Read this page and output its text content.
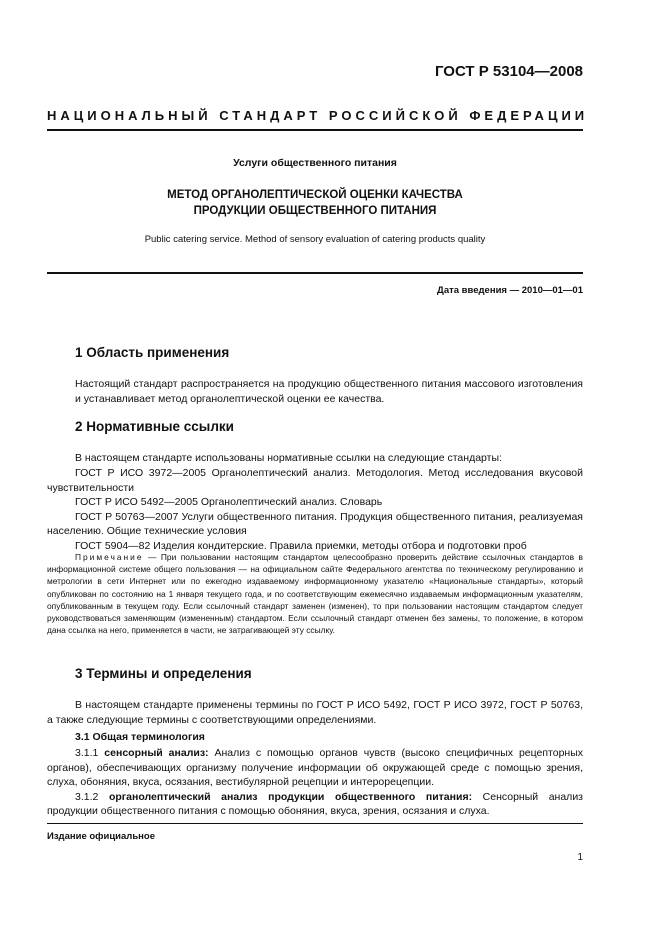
ГОСТ Р 53104—2008
НАЦИОНАЛЬНЫЙ СТАНДАРТ РОССИЙСКОЙ ФЕДЕРАЦИИ
Услуги общественного питания
МЕТОД ОРГАНОЛЕПТИЧЕСКОЙ ОЦЕНКИ КАЧЕСТВА
ПРОДУКЦИИ ОБЩЕСТВЕННОГО ПИТАНИЯ
Public catering service. Method of sensory evaluation of catering products quality
Дата введения — 2010—01—01
1 Область применения

Настоящий стандарт распространяется на продукцию общественного питания массового изготовления и устанавливает метод органолептической оценки ее качества.

2 Нормативные ссылки

В настоящем стандарте использованы нормативные ссылки на следующие стандарты:

ГОСТ Р ИСО 3972—2005 Органолептический анализ. Методология. Метод исследования вкусовой чувствительности

ГОСТ Р ИСО 5492—2005 Органолептический анализ. Словарь

ГОСТ Р 50763—2007 Услуги общественного питания. Продукция общественного питания, реализуемая населению. Общие технические условия

ГОСТ 5904—82 Изделия кондитерские. Правила приемки, методы отбора и подготовки проб

Примечание — При пользовании настоящим стандартом целесообразно проверить действие ссылочных стандартов в информационной системе общего пользования — на официальном сайте Федерального агентства по техническому регулированию и метрологии в сети Интернет или по ежегодно издаваемому информационному указателю «Национальные стандарты», который опубликован по состоянию на 1 января текущего года, и по соответствующим ежемесячно издаваемым информационным указателям, опубликованным в текущем году. Если ссылочный стандарт заменен (изменен), то при пользовании настоящим стандартом следует руководствоваться заменяющим (измененным) стандартом. Если ссылочный стандарт отменен без замены, то положение, в котором дана ссылка на него, применяется в части, не затрагивающей эту ссылку.

3 Термины и определения

В настоящем стандарте применены термины по ГОСТ Р ИСО 5492, ГОСТ Р ИСО 3972, ГОСТ Р 50763, а также следующие термины с соответствующими определениями.

3.1 Общая терминология

3.1.1 сенсорный анализ: Анализ с помощью органов чувств (высоко специфичных рецепторных органов), обеспечивающих организму получение информации об окружающей среде с помощью зрения, слуха, обоняния, вкуса, осязания, вестибулярной рецепции и интерорецепции.

3.1.2 органолептический анализ продукции общественного питания: Сенсорный анализ продукции общественного питания с помощью обоняния, вкуса, зрения, осязания и слуха.

Издание официальное
1
